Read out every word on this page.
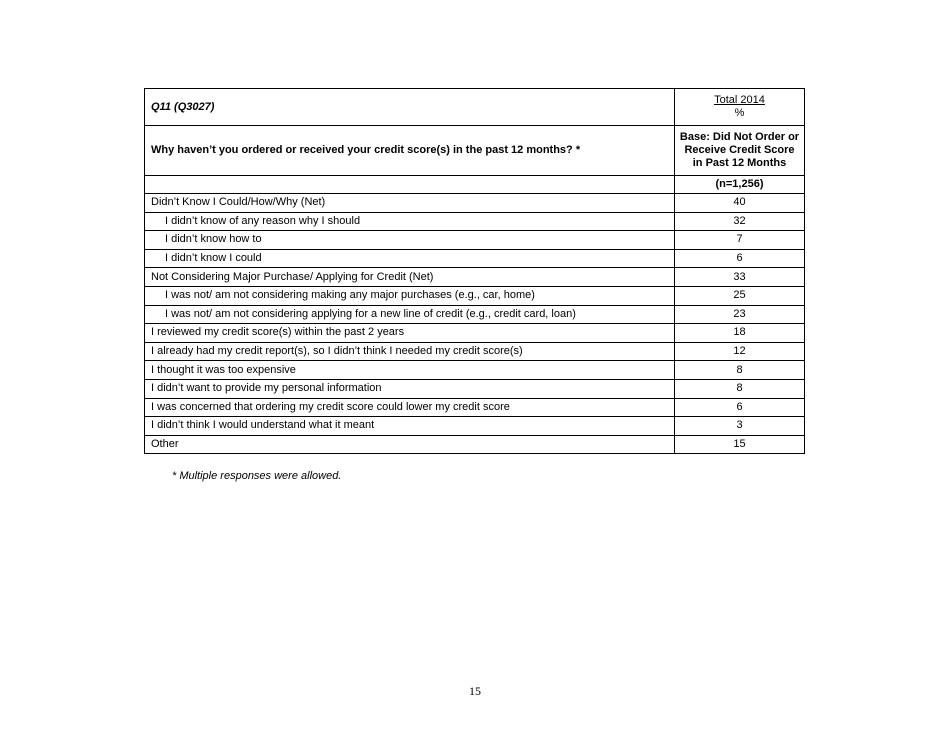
Q11 (Q3027)	Total 2014
%

Why haven’t you ordered or received your credit score(s) in the past 12 months? *	Base: Did Not Order or Receive Credit Score in Past 12 Months
	(n=1,256)
Didn’t Know I Could/How/Why (Net)	40
I didn’t know of any reason why I should	32
I didn’t know how to	7
I didn’t know I could	6
Not Considering Major Purchase/ Applying for Credit (Net)	33
I was not/ am not considering making any major purchases (e.g., car, home)	25
I was not/ am not considering applying for a new line of credit (e.g., credit card, loan)	23
I reviewed my credit score(s) within the past 2 years	18
I already had my credit report(s), so I didn’t think I needed my credit score(s)	12
I thought it was too expensive	8
I didn’t want to provide my personal information	8
I was concerned that ordering my credit score could lower my credit score	6
I didn’t think I would understand what it meant	3
Other	15
* Multiple responses were allowed.
15
